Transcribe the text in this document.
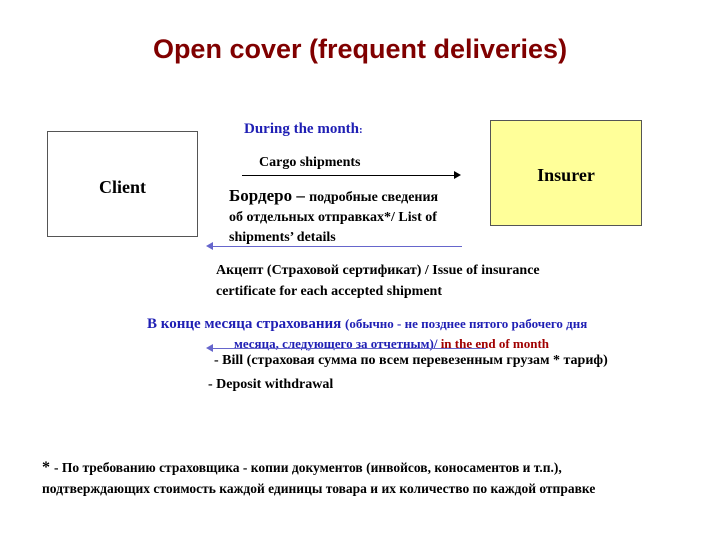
Open cover (frequent deliveries)
Client
Insurer
During the month:
Cargo shipments
Бордеро – подробные сведения
об отдельных отправках*/ List of
shipments’ details
Акцепт (Страховой сертификат) / Issue of insurance
certificate for each accepted shipment
В конце месяца страхования (обычно - не позднее пятого рабочего дня
месяца, следующего за отчетным)/ in the end of month
- Bill (страховая сумма по всем перевезенным грузам * тариф)
- Deposit withdrawal
* - По требованию страховщика - копии документов (инвойсов, коносаментов и т.п.),
подтверждающих стоимость каждой единицы товара и их количество по каждой отправке
